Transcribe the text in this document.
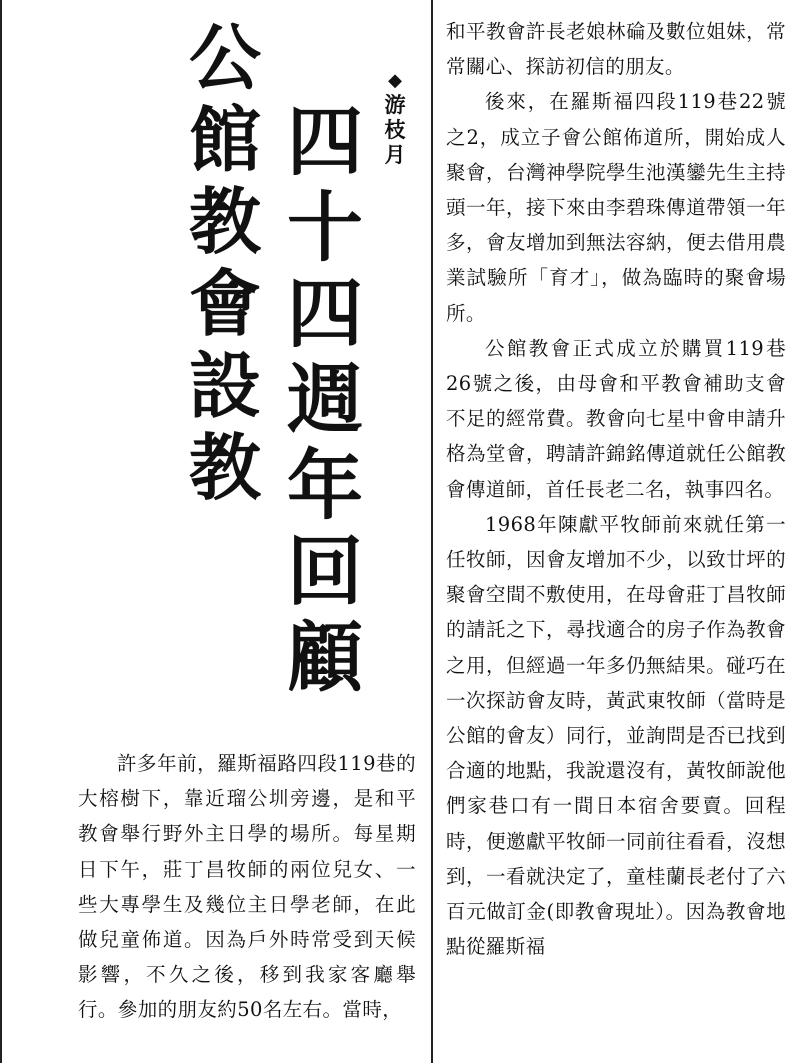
公
館
教
會
設
教
四
十
四
週
年
回
顧
◆
游
枝
月

許多年前，羅斯福路四段119巷的大榕樹下，靠近瑠公圳旁邊，是和平教會舉行野外主日學的場所。每星期日下午，莊丁昌牧師的兩位兒女、一些大專學生及幾位主日學老師，在此做兒童佈道。因為戶外時常受到天候影響，不久之後，移到我家客廳舉行。參加的朋友約50名左右。當時，

和平教會許長老娘林碖及數位姐妹，常常關心、探訪初信的朋友。

後來，在羅斯福四段119巷22號之2，成立子會公館佈道所，開始成人聚會，台灣神學院學生池漢鑾先生主持頭一年，接下來由李碧珠傳道帶領一年多，會友增加到無法容納，便去借用農業試驗所「育才」，做為臨時的聚會場所。

公館教會正式成立於購買119巷26號之後，由母會和平教會補助支會不足的經常費。教會向七星中會申請升格為堂會，聘請許錦銘傳道就任公館教會傳道師，首任長老二名，執事四名。

1968年陳獻平牧師前來就任第一任牧師，因會友增加不少，以致廿坪的聚會空間不敷使用，在母會莊丁昌牧師的請託之下，尋找適合的房子作為教會之用，但經過一年多仍無結果。碰巧在一次探訪會友時，黃武東牧師（當時是公館的會友）同行，並詢問是否已找到合適的地點，我說還沒有，黃牧師說他們家巷口有一間日本宿舍要賣。回程時，便邀獻平牧師一同前往看看，沒想到，一看就決定了，童桂蘭長老付了六百元做訂金(即教會現址）。因為教會地點從羅斯福
